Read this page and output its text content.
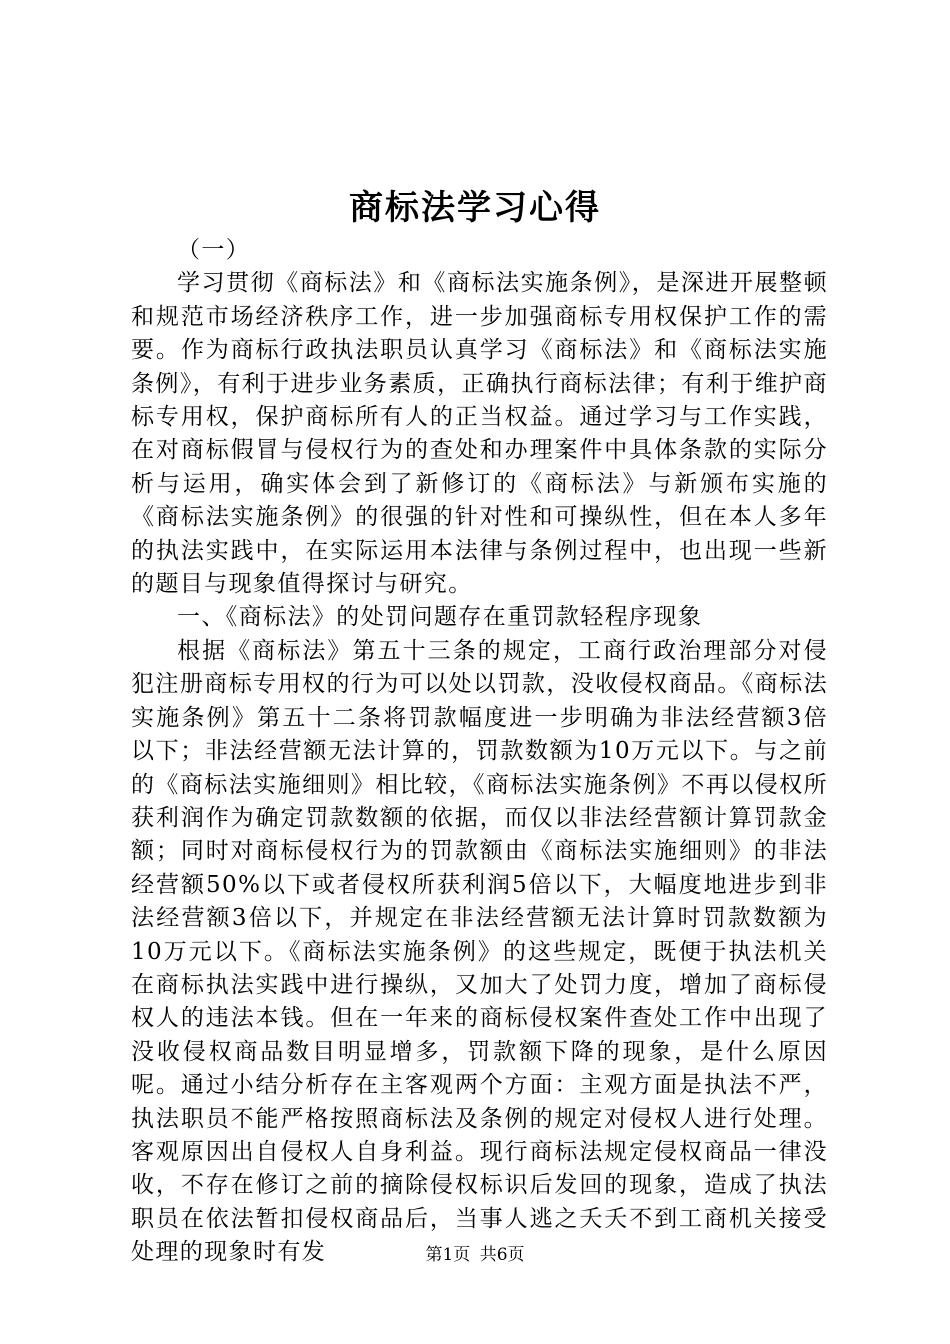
商标法学习心得

（一）

学习贯彻《商标法》和《商标法实施条例》，是深进开展整顿和规范市场经济秩序工作，进一步加强商标专用权保护工作的需要。作为商标行政执法职员认真学习《商标法》和《商标法实施条例》，有利于进步业务素质，正确执行商标法律；有利于维护商标专用权，保护商标所有人的正当权益。通过学习与工作实践，在对商标假冒与侵权行为的查处和办理案件中具体条款的实际分析与运用，确实体会到了新修订的《商标法》与新颁布实施的《商标法实施条例》的很强的针对性和可操纵性，但在本人多年的执法实践中，在实际运用本法律与条例过程中，也出现一些新的题目与现象值得探讨与研究。

一、《商标法》的处罚问题存在重罚款轻程序现象

根据《商标法》第五十三条的规定，工商行政治理部分对侵犯注册商标专用权的行为可以处以罚款，没收侵权商品。《商标法实施条例》第五十二条将罚款幅度进一步明确为非法经营额3倍以下；非法经营额无法计算的，罚款数额为10万元以下。与之前的《商标法实施细则》相比较，《商标法实施条例》不再以侵权所获利润作为确定罚款数额的依据，而仅以非法经营额计算罚款金额；同时对商标侵权行为的罚款额由《商标法实施细则》的非法经营额50%以下或者侵权所获利润5倍以下，大幅度地进步到非法经营额3倍以下，并规定在非法经营额无法计算时罚款数额为10万元以下。《商标法实施条例》的这些规定，既便于执法机关在商标执法实践中进行操纵，又加大了处罚力度，增加了商标侵权人的违法本钱。但在一年来的商标侵权案件查处工作中出现了没收侵权商品数目明显增多，罚款额下降的现象，是什么原因呢。通过小结分析存在主客观两个方面：主观方面是执法不严，执法职员不能严格按照商标法及条例的规定对侵权人进行处理。客观原因出自侵权人自身利益。现行商标法规定侵权商品一律没收，不存在修订之前的摘除侵权标识后发回的现象，造成了执法职员在依法暂扣侵权商品后，当事人逃之夭夭不到工商机关接受处理的现象时有发	第1页 共6页
